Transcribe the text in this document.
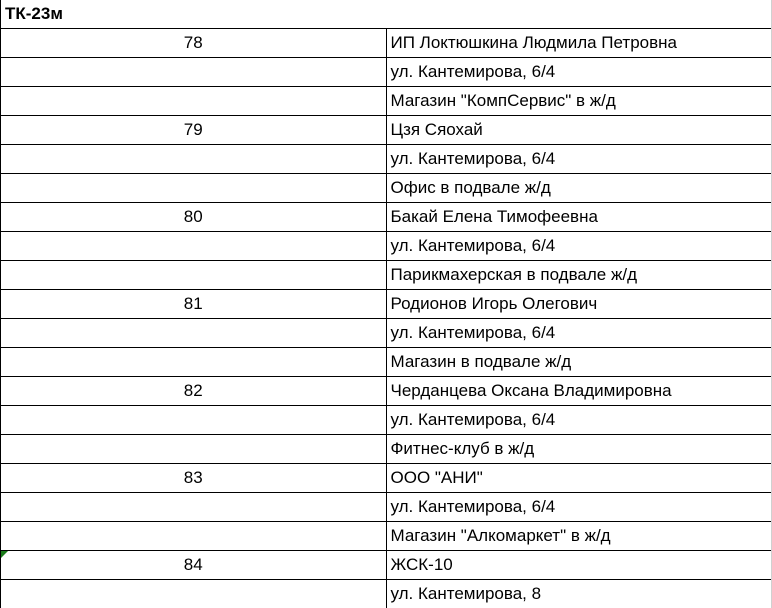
ТК-23м	
78	ИП Локтюшкина Людмила Петровна
	ул. Кантемирова, 6/4
	Магазин "КомпСервис" в ж/д
79	Цзя Сяохай
	ул. Кантемирова, 6/4
	Офис в подвале ж/д
80	Бакай Елена Тимофеевна
	ул. Кантемирова, 6/4
	Парикмахерская в подвале ж/д
81	Родионов Игорь Олегович
	ул. Кантемирова, 6/4
	Магазин в подвале ж/д
82	Черданцева Оксана Владимировна
	ул. Кантемирова, 6/4
	Фитнес-клуб в ж/д
83	ООО "АНИ"
	ул. Кантемирова, 6/4
	Магазин "Алкомаркет" в ж/д

84	ЖСК-10
	ул. Кантемирова, 8
